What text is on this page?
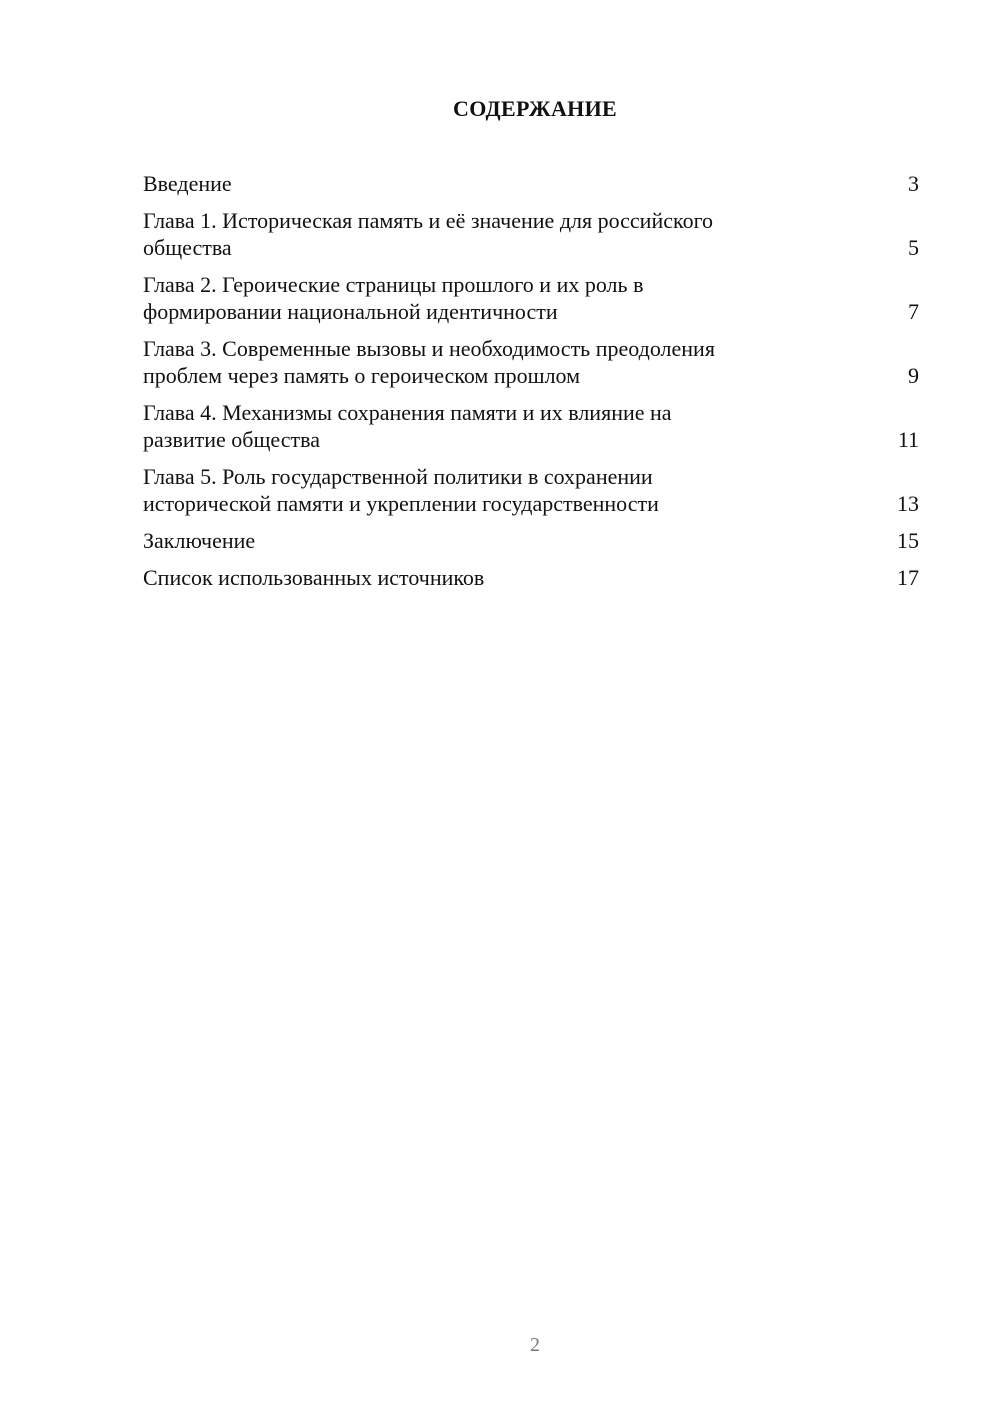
СОДЕРЖАНИЕ
Введение	3
Глава 1. Историческая память и её значение для российского
общества	5
Глава 2. Героические страницы прошлого и их роль в
формировании национальной идентичности	7
Глава 3. Современные вызовы и необходимость преодоления
проблем через память о героическом прошлом	9
Глава 4. Механизмы сохранения памяти и их влияние на
развитие общества	11
Глава 5. Роль государственной политики в сохранении
исторической памяти и укреплении государственности	13
Заключение	15
Список использованных источников	17
2
